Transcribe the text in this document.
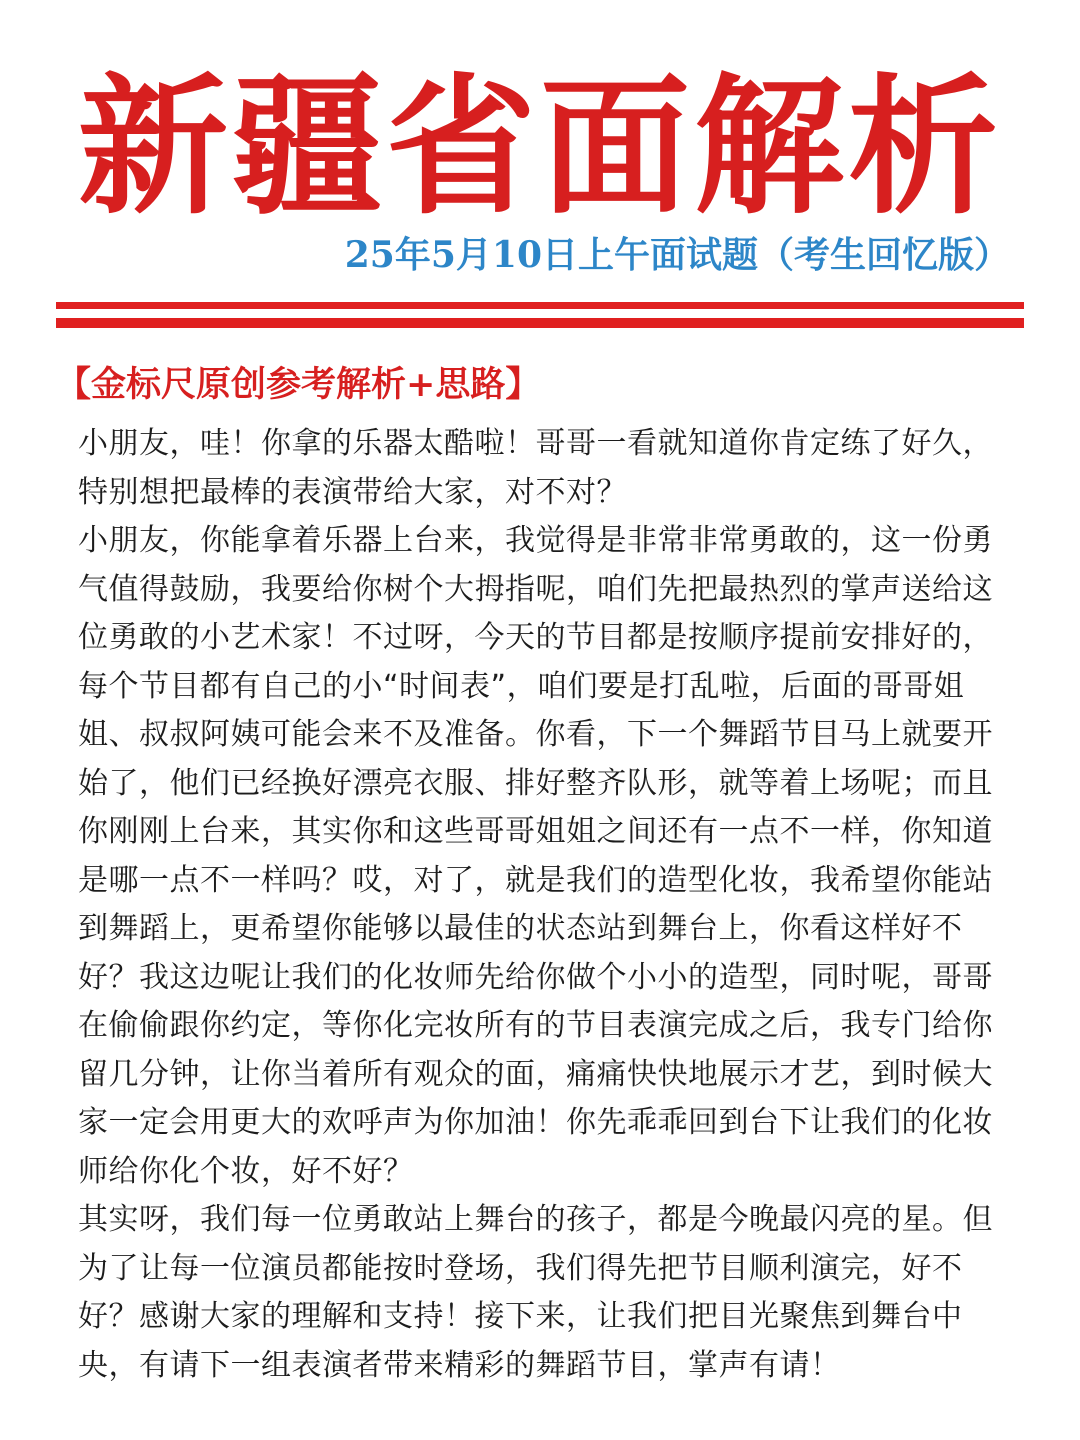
新疆省面解析
25年5月10日上午面试题（考生回忆版）
【金标尺原创参考解析+思路】

小朋友，哇！你拿的乐器太酷啦！哥哥一看就知道你肯定练了好久，特别想把最棒的表演带给大家，对不对？

小朋友，你能拿着乐器上台来，我觉得是非常非常勇敢的，这一份勇气值得鼓励，我要给你树个大拇指呢，咱们先把最热烈的掌声送给这位勇敢的小艺术家！不过呀，今天的节目都是按顺序提前安排好的，每个节目都有自己的小“时间表”，咱们要是打乱啦，后面的哥哥姐姐、叔叔阿姨可能会来不及准备。你看，下一个舞蹈节目马上就要开始了，他们已经换好漂亮衣服、排好整齐队形，就等着上场呢；而且你刚刚上台来，其实你和这些哥哥姐姐之间还有一点不一样，你知道是哪一点不一样吗？哎，对了，就是我们的造型化妆，我希望你能站到舞蹈上，更希望你能够以最佳的状态站到舞台上，你看这样好不好？我这边呢让我们的化妆师先给你做个小小的造型，同时呢，哥哥在偷偷跟你约定，等你化完妆所有的节目表演完成之后，我专门给你留几分钟，让你当着所有观众的面，痛痛快快地展示才艺，到时候大家一定会用更大的欢呼声为你加油！你先乖乖回到台下让我们的化妆师给你化个妆，好不好？

其实呀，我们每一位勇敢站上舞台的孩子，都是今晚最闪亮的星。但为了让每一位演员都能按时登场，我们得先把节目顺利演完，好不好？感谢大家的理解和支持！接下来，让我们把目光聚焦到舞台中央，有请下一组表演者带来精彩的舞蹈节目，掌声有请！
